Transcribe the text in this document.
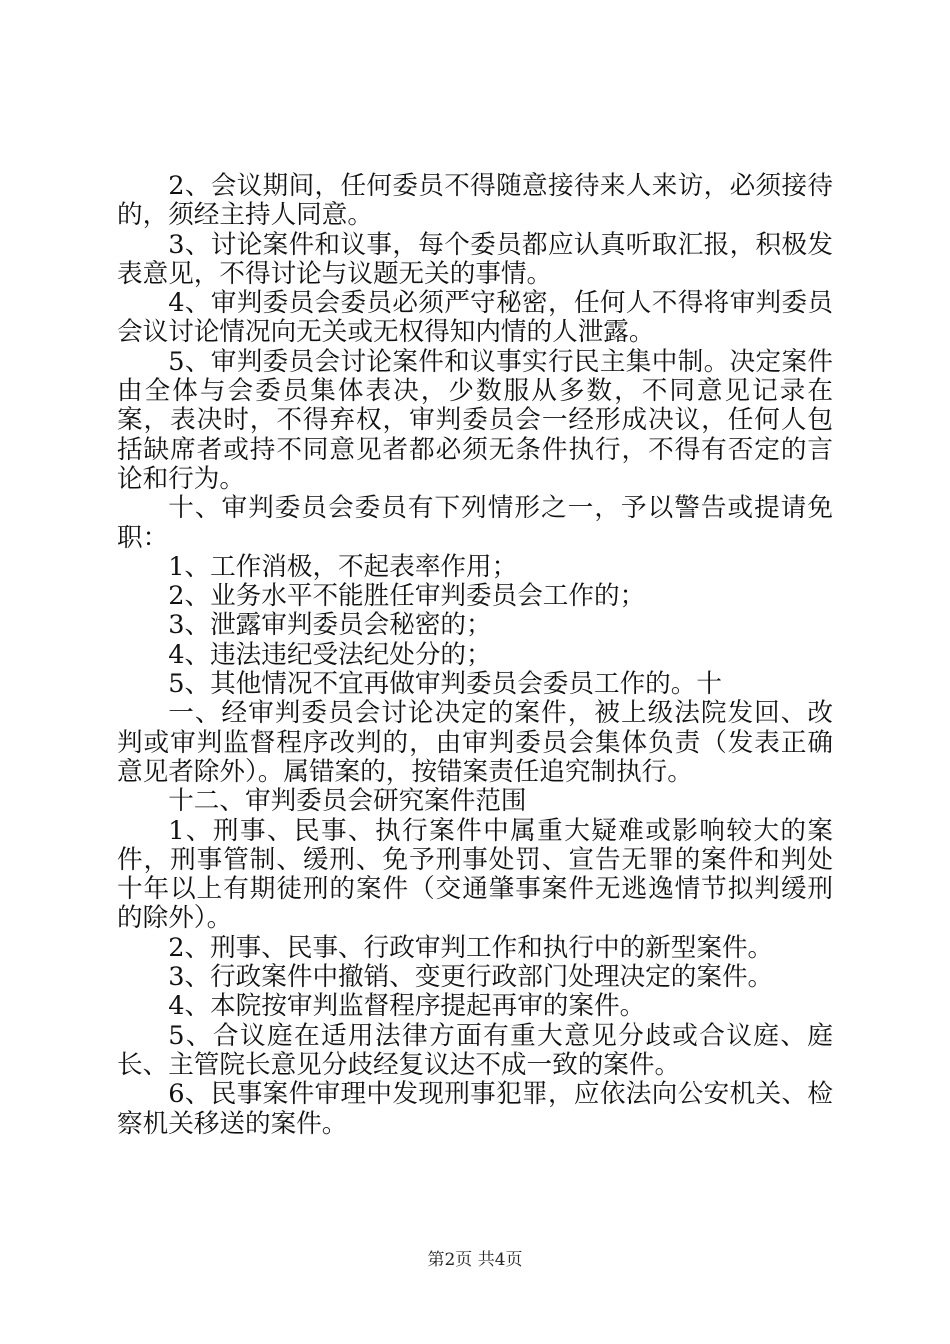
2、会议期间，任何委员不得随意接待来人来访，必须接待的，须经主持人同意。

3、讨论案件和议事，每个委员都应认真听取汇报，积极发表意见，不得讨论与议题无关的事情。

4、审判委员会委员必须严守秘密，任何人不得将审判委员会议讨论情况向无关或无权得知内情的人泄露。

5、审判委员会讨论案件和议事实行民主集中制。决定案件由全体与会委员集体表决，少数服从多数，不同意见记录在案，表决时，不得弃权，审判委员会一经形成决议，任何人包括缺席者或持不同意见者都必须无条件执行，不得有否定的言论和行为。

十、审判委员会委员有下列情形之一，予以警告或提请免职：

1、工作消极，不起表率作用；

2、业务水平不能胜任审判委员会工作的；

3、泄露审判委员会秘密的；

4、违法违纪受法纪处分的；

5、其他情况不宜再做审判委员会委员工作的。十

一、经审判委员会讨论决定的案件，被上级法院发回、改判或审判监督程序改判的，由审判委员会集体负责（发表正确意见者除外）。属错案的，按错案责任追究制执行。

十二、审判委员会研究案件范围

1、刑事、民事、执行案件中属重大疑难或影响较大的案件，刑事管制、缓刑、免予刑事处罚、宣告无罪的案件和判处十年以上有期徒刑的案件（交通肇事案件无逃逸情节拟判缓刑的除外）。

2、刑事、民事、行政审判工作和执行中的新型案件。

3、行政案件中撤销、变更行政部门处理决定的案件。

4、本院按审判监督程序提起再审的案件。

5、合议庭在适用法律方面有重大意见分歧或合议庭、庭长、主管院长意见分歧经复议达不成一致的案件。

6、民事案件审理中发现刑事犯罪，应依法向公安机关、检察机关移送的案件。

第2页 共4页
